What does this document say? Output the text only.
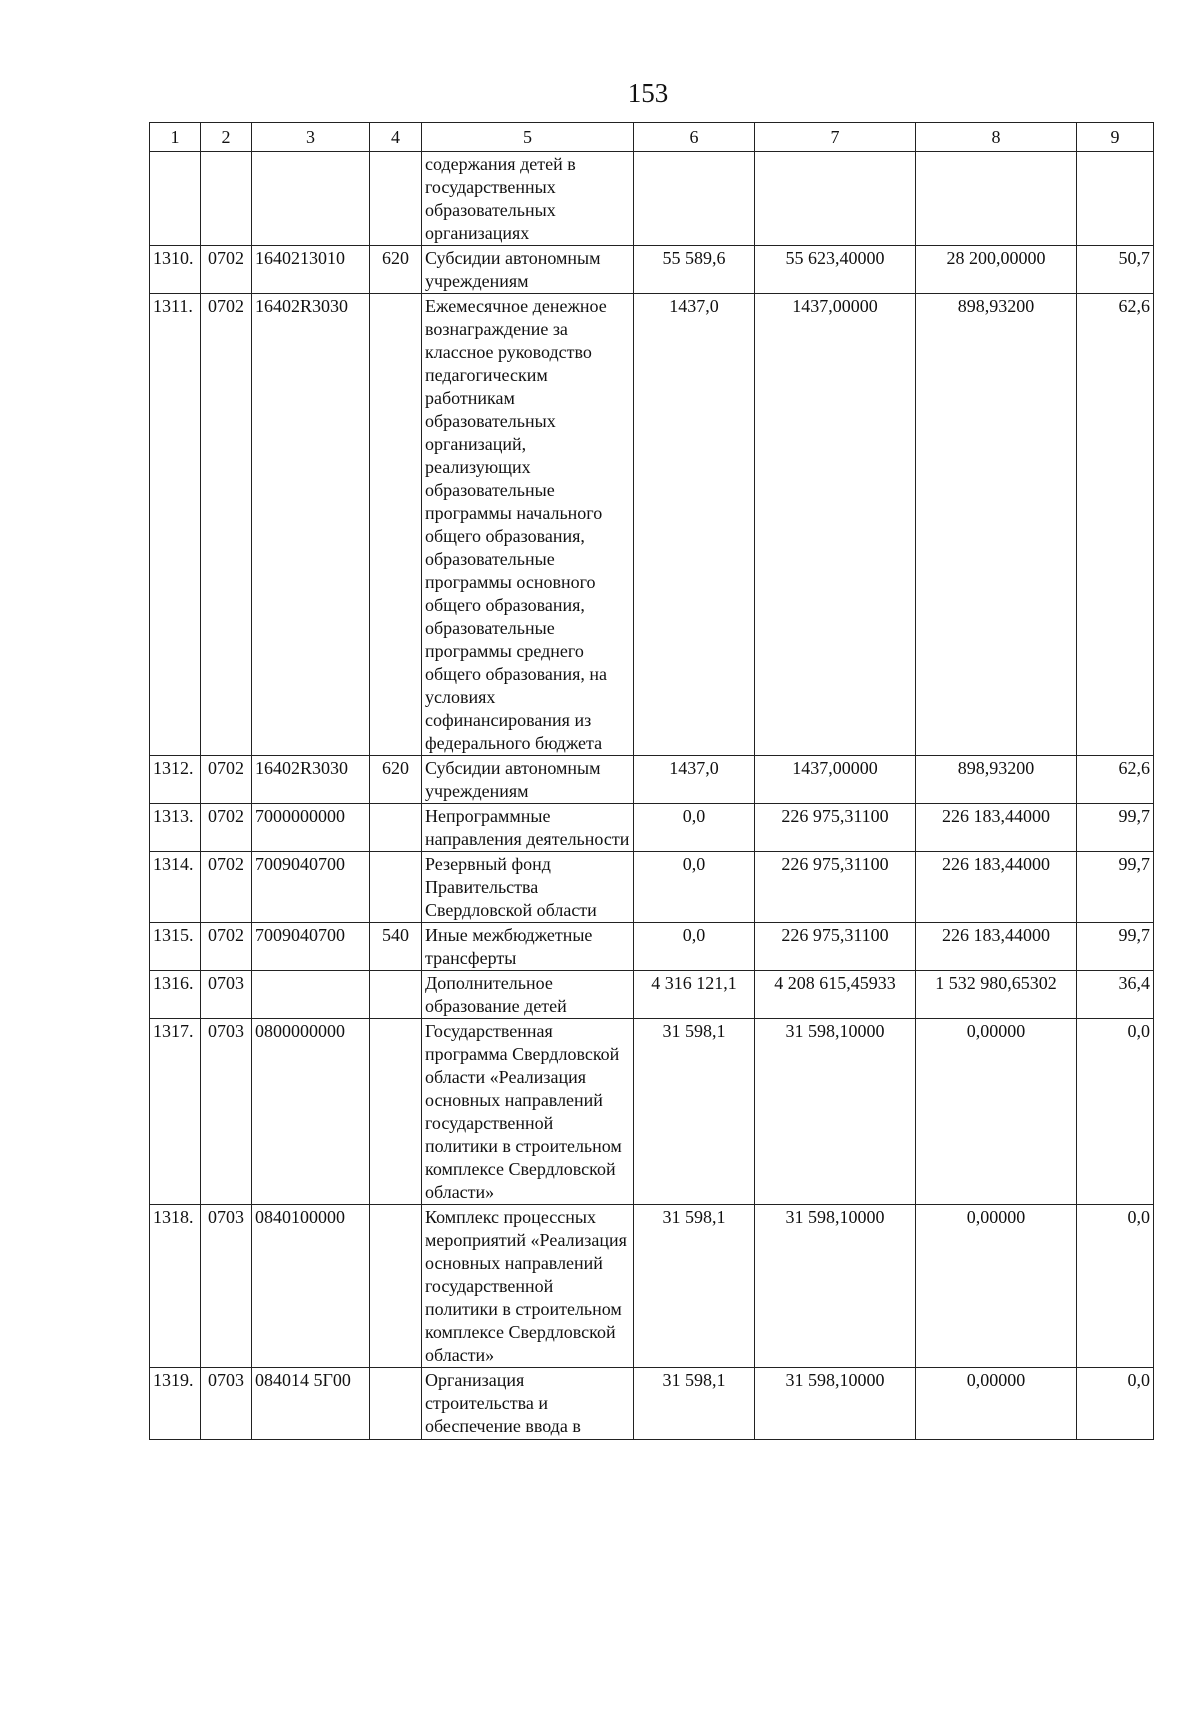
153
1	2	3	4	5	6	7	8	9
				содержания детей в государственных образовательных организациях				
1310.	0702	1640213010	620	Субсидии автономным учреждениям	55 589,6	55 623,40000	28 200,00000	50,7
1311.	0702	16402R3030		Ежемесячное денежное вознаграждение за классное руководство педагогическим работникам образовательных организаций, реализующих образовательные программы начального общего образования, образовательные программы основного общего образования, образовательные программы среднего общего образования, на условиях софинансирования из федерального бюджета	1437,0	1437,00000	898,93200	62,6
1312.	0702	16402R3030	620	Субсидии автономным учреждениям	1437,0	1437,00000	898,93200	62,6
1313.	0702	7000000000		Непрограммные направления деятельности	0,0	226 975,31100	226 183,44000	99,7
1314.	0702	7009040700		Резервный фонд Правительства Свердловской области	0,0	226 975,31100	226 183,44000	99,7
1315.	0702	7009040700	540	Иные межбюджетные трансферты	0,0	226 975,31100	226 183,44000	99,7
1316.	0703			Дополнительное образование детей	4 316 121,1	4 208 615,45933	1 532 980,65302	36,4
1317.	0703	0800000000		Государственная программа Свердловской области «Реализация основных направлений государственной политики в строительном комплексе Свердловской области»	31 598,1	31 598,10000	0,00000	0,0
1318.	0703	0840100000		Комплекс процессных мероприятий «Реализация основных направлений государственной политики в строительном комплексе Свердловской области»	31 598,1	31 598,10000	0,00000	0,0
1319.	0703	084014 5Г00		Организация строительства и обеспечение ввода в	31 598,1	31 598,10000	0,00000	0,0
